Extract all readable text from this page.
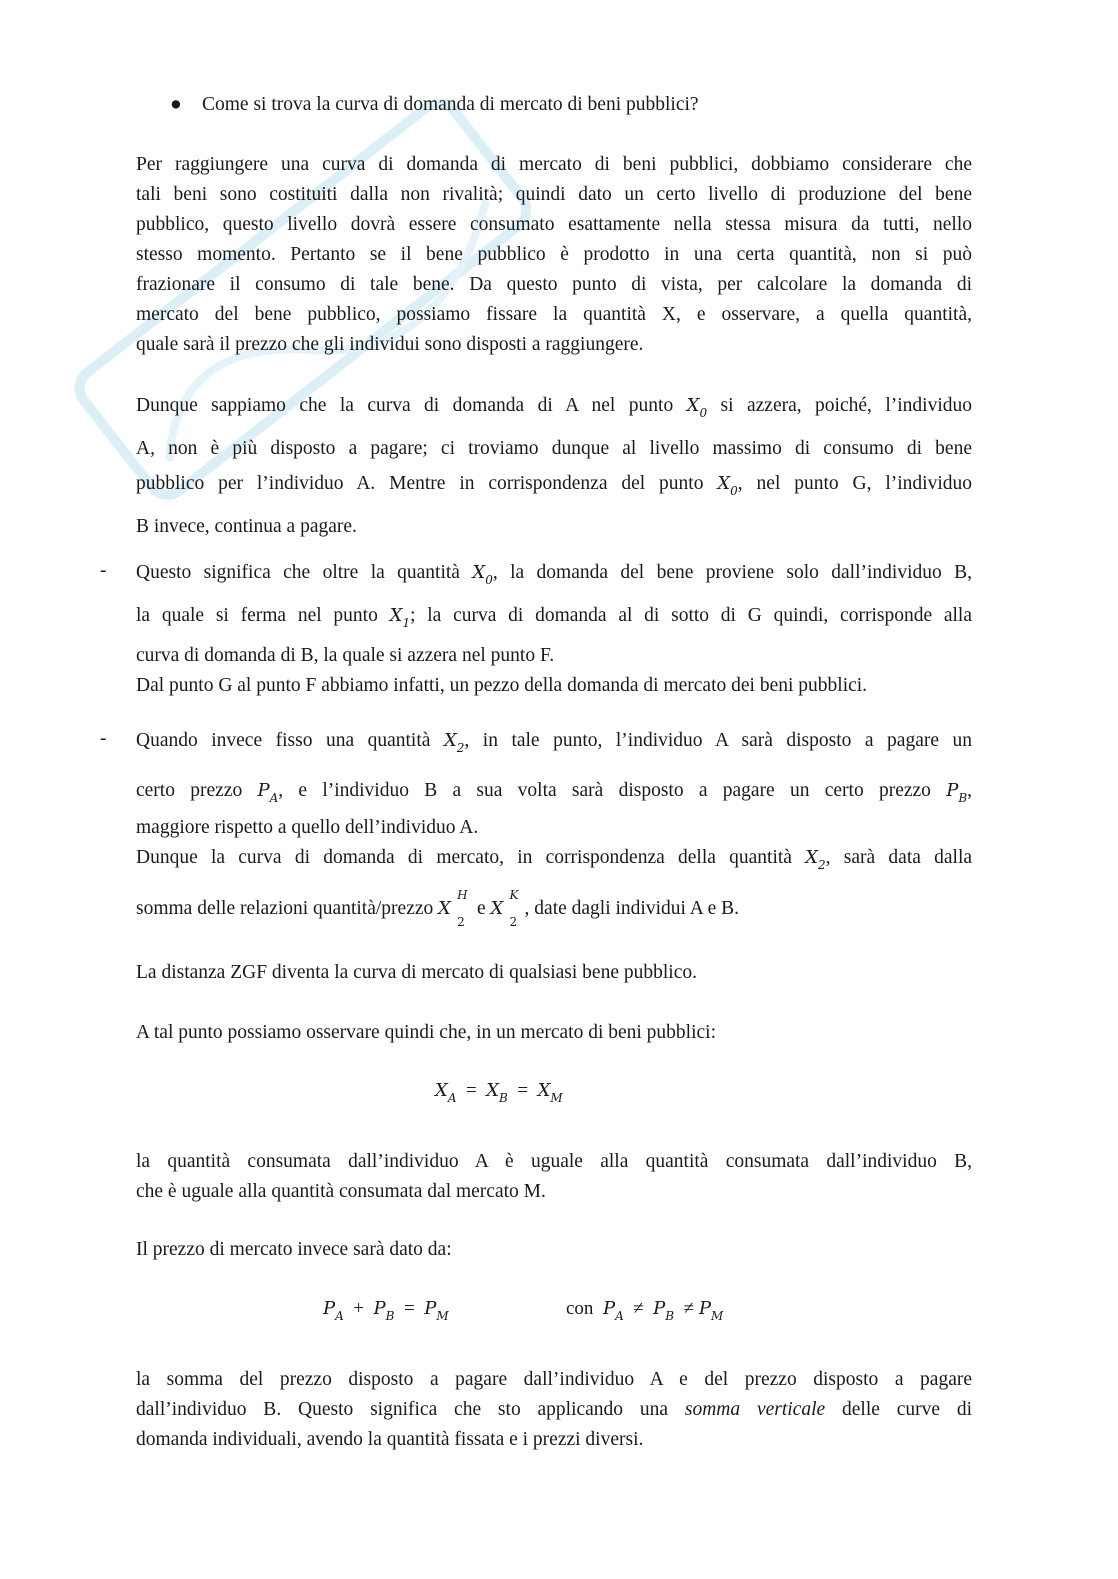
● Come si trova la curva di domanda di mercato di beni pubblici?
Per raggiungere una curva di domanda di mercato di beni pubblici, dobbiamo considerare che
tali beni sono costituiti dalla non rivalità; quindi dato un certo livello di produzione del bene
pubblico, questo livello dovrà essere consumato esattamente nella stessa misura da tutti, nello
stesso momento. Pertanto se il bene pubblico è prodotto in una certa quantità, non si può
frazionare il consumo di tale bene. Da questo punto di vista, per calcolare la domanda di
mercato del bene pubblico, possiamo fissare la quantità X, e osservare, a quella quantità,
quale sarà il prezzo che gli individui sono disposti a raggiungere.
Dunque sappiamo che la curva di domanda di A nel punto $X_0$ si azzera, poiché, l’individuo
A, non è più disposto a pagare; ci troviamo dunque al livello massimo di consumo di bene
pubblico per l’individuo A. Mentre in corrispondenza del punto $X_0$, nel punto G, l’individuo
B invece, continua a pagare.
- Questo significa che oltre la quantità $X_0$, la domanda del bene proviene solo dall’individuo B,
la quale si ferma nel punto $X_1$; la curva di domanda al di sotto di G quindi, corrisponde alla
curva di domanda di B, la quale si azzera nel punto F.
Dal punto G al punto F abbiamo infatti, un pezzo della domanda di mercato dei beni pubblici.
- Quando invece fisso una quantità $X_2$, in tale punto, l’individuo A sarà disposto a pagare un
certo prezzo $P_A$, e l’individuo B a sua volta sarà disposto a pagare un certo prezzo $P_B$,
maggiore rispetto a quello dell’individuo A.
Dunque la curva di domanda di mercato, in corrispondenza della quantità $X_2$, sarà data dalla
somma delle relazioni quantità/prezzo X
H
2
e X
K
2
, date dagli individui A e B.
La distanza ZGF diventa la curva di mercato di qualsiasi bene pubblico.
A tal punto possiamo osservare quindi che, in un mercato di beni pubblici:
$X_A = X_B = X_M$
la quantità consumata dall’individuo A è uguale alla quantità consumata dall’individuo B,
che è uguale alla quantità consumata dal mercato M.
Il prezzo di mercato invece sarà dato da:
$P_A + P_B = P_M$	con $P_A \ne P_B \ne P_M$
la somma del prezzo disposto a pagare dall’individuo A e del prezzo disposto a pagare
dall’individuo B. Questo significa che sto applicando una somma verticale delle curve di
domanda individuali, avendo la quantità fissata e i prezzi diversi.
